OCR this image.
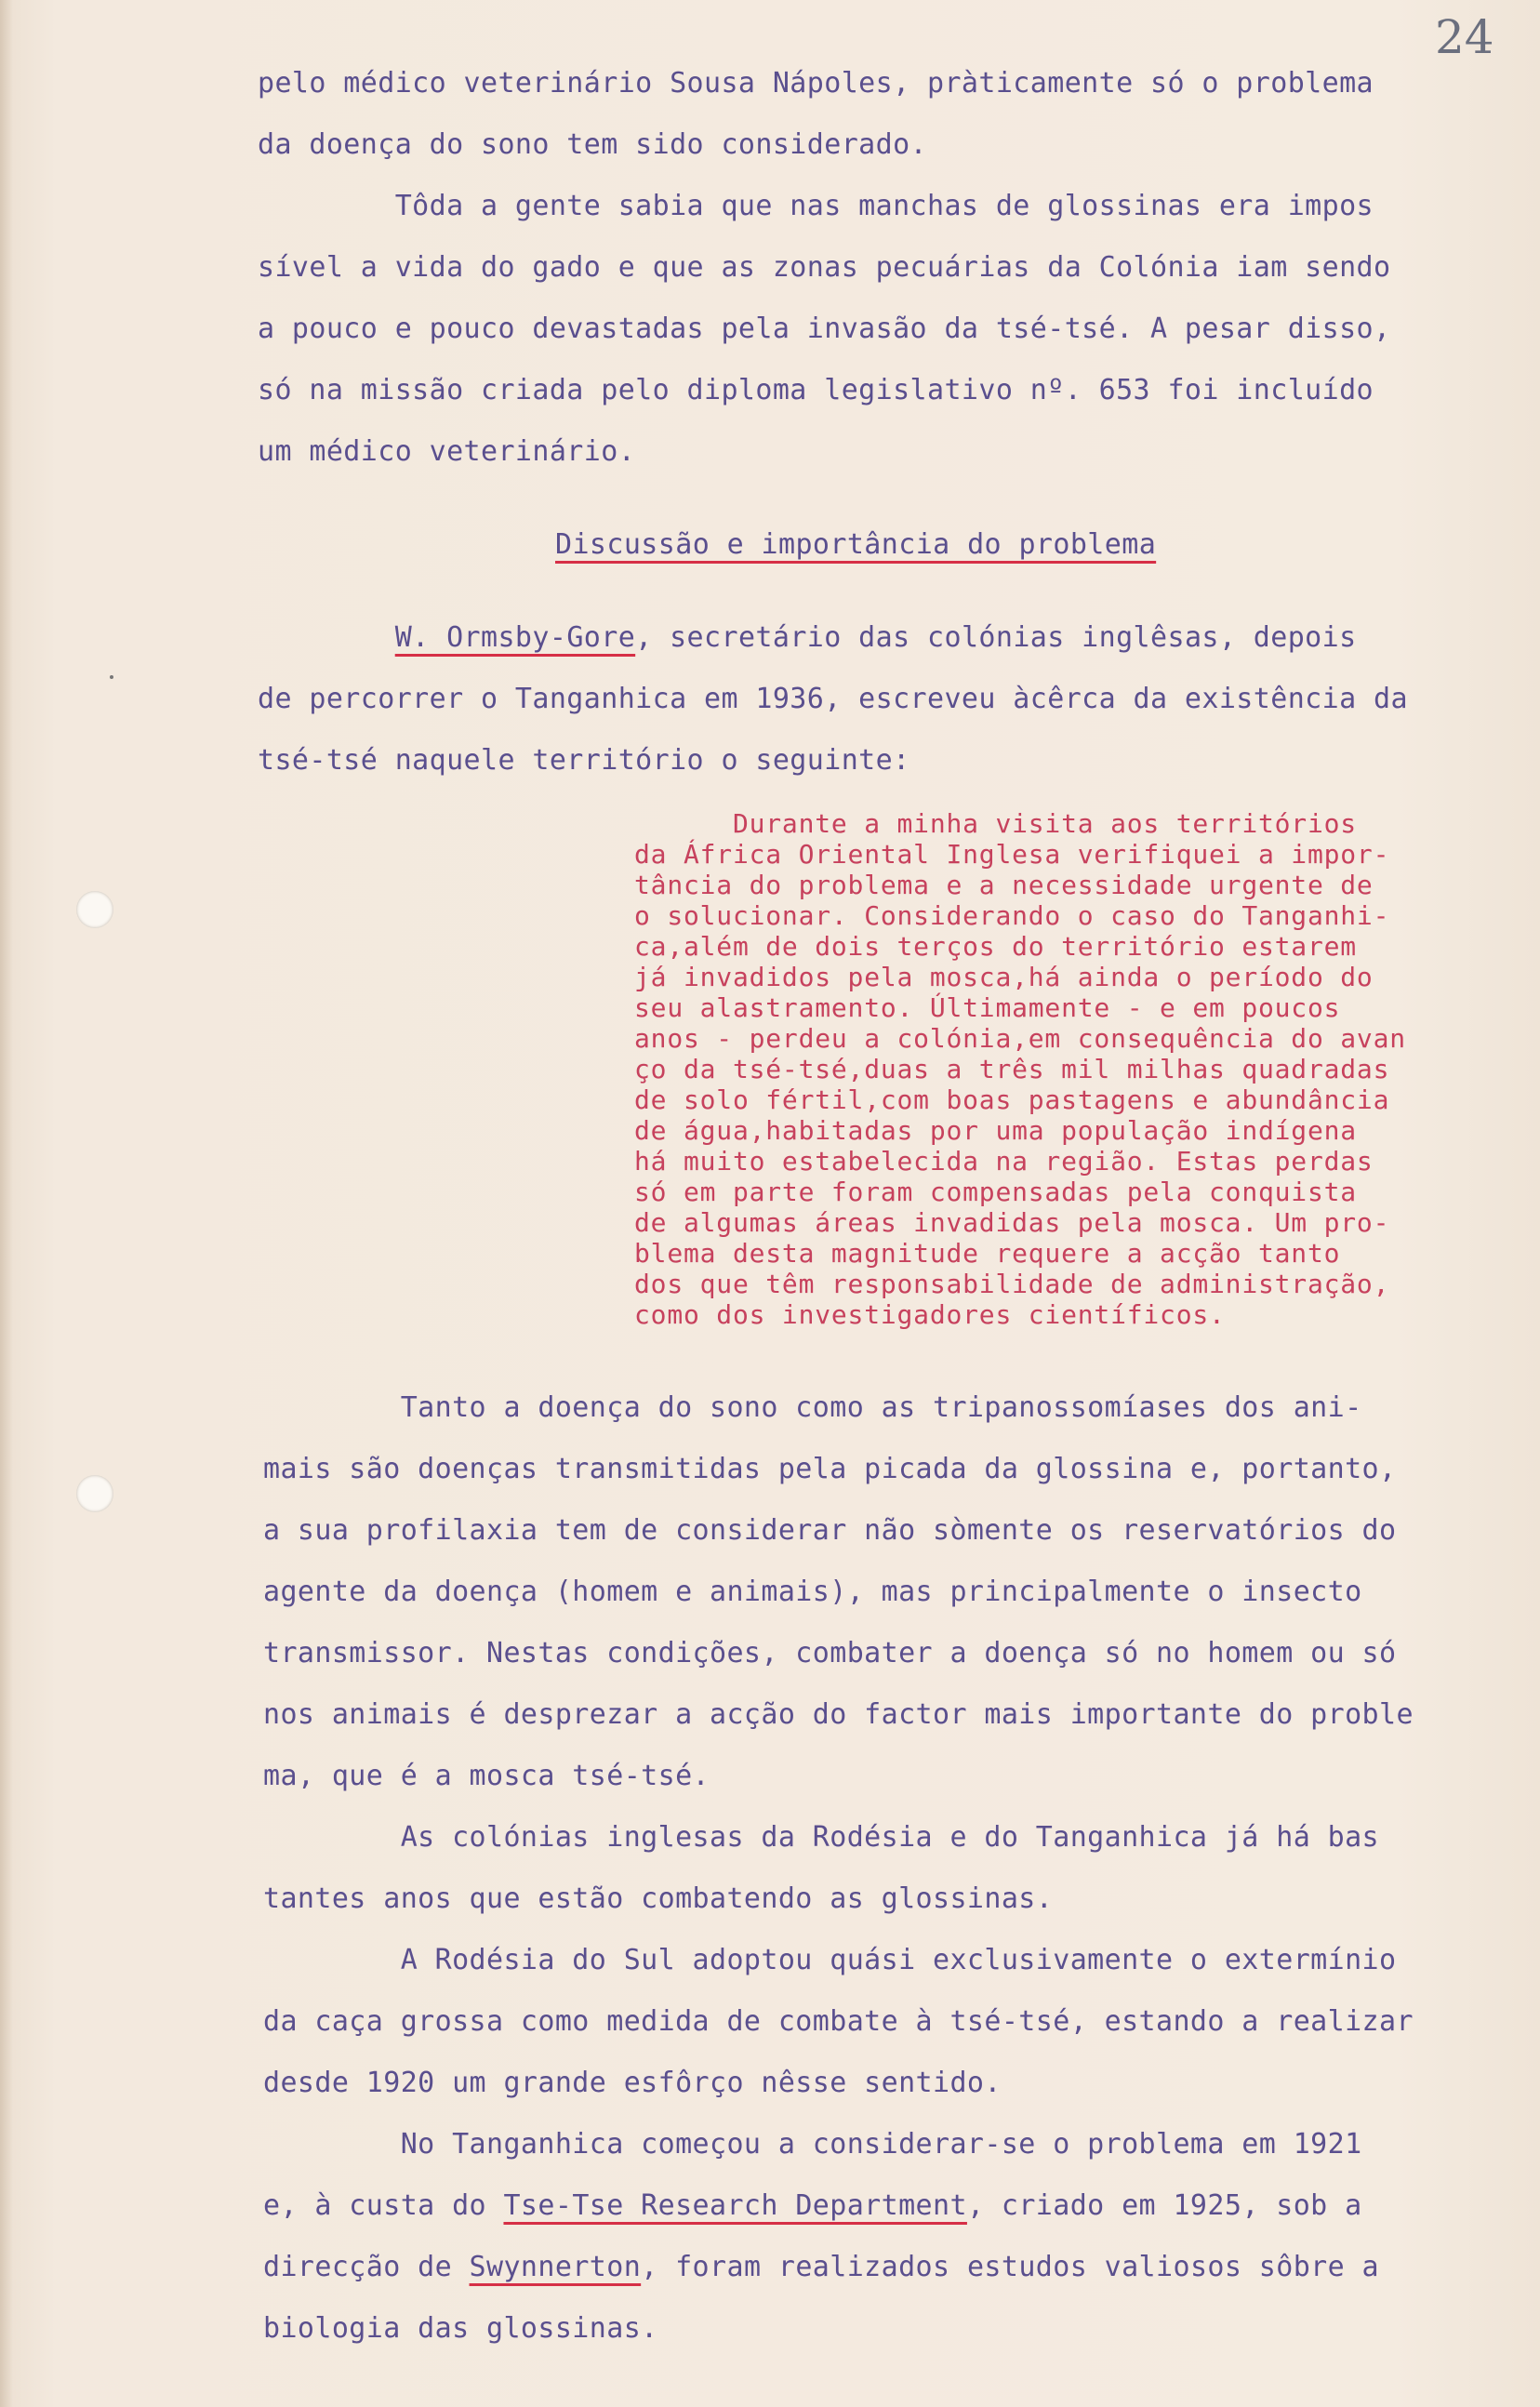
24
pelo médico veterinário Sousa Nápoles, pràticamente só o problema
da doença do sono tem sido considerado.
Tôda a gente sabia que nas manchas de glossinas era impos
sível a vida do gado e que as zonas pecuárias da Colónia iam sendo
a pouco e pouco devastadas pela invasão da tsé-tsé. A pesar disso,
só na missão criada pelo diploma legislativo nº. 653 foi incluído
um médico veterinário.
Discussão e importância do problema
W. Ormsby-Gore, secretário das colónias inglêsas, depois
de percorrer o Tanganhica em 1936, escreveu àcêrca da existência da
tsé-tsé naquele território o seguinte:
Durante a minha visita aos territórios
da África Oriental Inglesa verifiquei a impor-
tância do problema e a necessidade urgente de
o solucionar. Considerando o caso do Tanganhi-
ca,além de dois terços do território estarem
já invadidos pela mosca,há ainda o período do
seu alastramento. Últimamente - e em poucos
anos - perdeu a colónia,em consequência do avan
ço da tsé-tsé,duas a três mil milhas quadradas
de solo fértil,com boas pastagens e abundância
de água,habitadas por uma população indígena
há muito estabelecida na região. Estas perdas
só em parte foram compensadas pela conquista
de algumas áreas invadidas pela mosca. Um pro-
blema desta magnitude requere a acção tanto
dos que têm responsabilidade de administração,
como dos investigadores científicos.
Tanto a doença do sono como as tripanossomíases dos ani-
mais são doenças transmitidas pela picada da glossina e, portanto,
a sua profilaxia tem de considerar não sòmente os reservatórios do
agente da doença (homem e animais), mas principalmente o insecto
transmissor. Nestas condições, combater a doença só no homem ou só
nos animais é desprezar a acção do factor mais importante do proble
ma, que é a mosca tsé-tsé.
As colónias inglesas da Rodésia e do Tanganhica já há bas
tantes anos que estão combatendo as glossinas.
A Rodésia do Sul adoptou quási exclusivamente o extermínio
da caça grossa como medida de combate à tsé-tsé, estando a realizar
desde 1920 um grande esfôrço nêsse sentido.
No Tanganhica começou a considerar-se o problema em 1921
e, à custa do Tse-Tse Research Department, criado em 1925, sob a
direcção de Swynnerton, foram realizados estudos valiosos sôbre a
biologia das glossinas.
